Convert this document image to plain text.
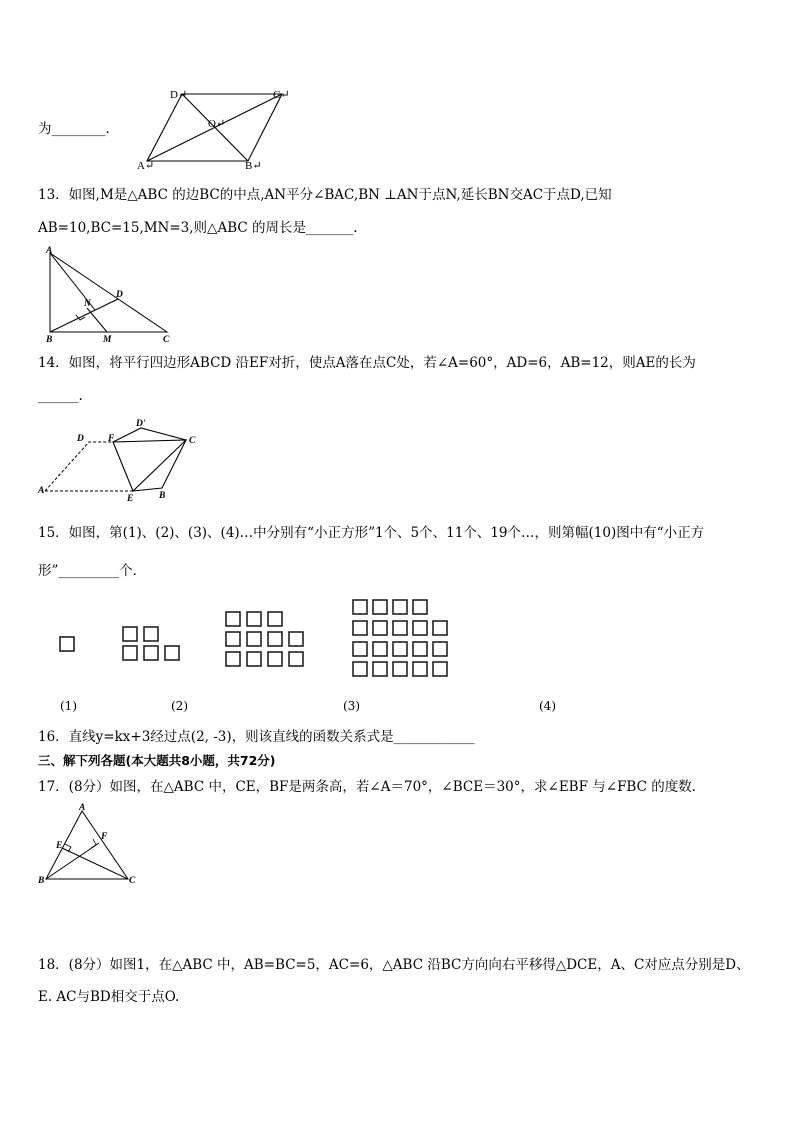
为________．
D↵	C↵
O↵
A↵	B↵
13．如图,M是△ABC 的边BC的中点,AN平分∠BAC,BN ⊥AN于点N,延长BN交AC于点D,已知
AB=10,BC=15,MN=3,则△ABC 的周长是_______.
A
D
N
B	M	C
14．如图，将平行四边形ABCD 沿EF对折，使点A落在点C处，若∠A=60°，AD=6，AB=12，则AE的长为
______.
D	F
D'
C
A
E	B
15．如图，第(1)、(2)、(3)、(4)…中分别有“小正方形”1个、5个、11个、19个…，则第幅(10)图中有“小正方
形”_________个．
(1)	(2)	(3)	(4)
16．直线y=kx+3经过点(2, -3)，则该直线的函数关系式是____________
三、解下列各题(本大题共8小题，共72分)
17．(8分）如图，在△ABC 中，CE，BF是两条高，若∠A＝70°，∠BCE＝30°，求∠EBF 与∠FBC 的度数．
A
E
F
B	C
18．(8分）如图1，在△ABC 中，AB=BC=5，AC=6，△ABC 沿BC方向向右平移得△DCE，A、C对应点分别是D、
E. AC与BD相交于点O.
